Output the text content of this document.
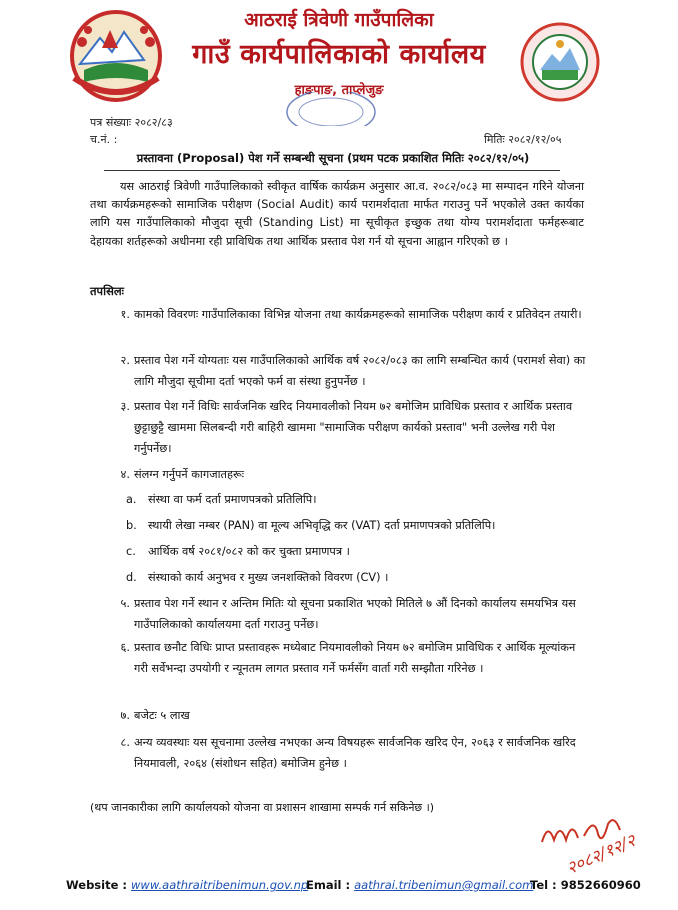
आठराई त्रिवेणी गाउँपालिका
गाउँ कार्यपालिकाको कार्यालय
हाङपाङ, ताप्लेजुङ
पत्र संख्याः २०८२/८३
च.नं. :	मितिः २०८२/१२/०५
प्रस्तावना (Proposal) पेश गर्ने सम्बन्धी सूचना (प्रथम पटक प्रकाशित मितिः २०८२/१२/०५)
यस आठराई त्रिवेणी गाउँपालिकाको स्वीकृत वार्षिक कार्यक्रम अनुसार आ.व. २०८२/०८३ मा सम्पादन गरिने योजना तथा कार्यक्रमहरूको सामाजिक परीक्षण (Social Audit) कार्य परामर्शदाता मार्फत गराउनु पर्ने भएकोले उक्त कार्यका लागि यस गाउँपालिकाको मौजुदा सूची (Standing List) मा सूचीकृत इच्छुक तथा योग्य परामर्शदाता फर्महरूबाट देहायका शर्तहरूको अधीनमा रही प्राविधिक तथा आर्थिक प्रस्ताव पेश गर्न यो सूचना आह्वान गरिएको छ ।
तपसिलः
१. कामको विवरणः गाउँपालिकाका विभिन्न योजना तथा कार्यक्रमहरूको सामाजिक परीक्षण कार्य र प्रतिवेदन तयारी।
२. प्रस्ताव पेश गर्ने योग्यताः यस गाउँपालिकाको आर्थिक वर्ष २०८२/०८३ का लागि सम्बन्धित कार्य (परामर्श सेवा) का लागि मौजुदा सूचीमा दर्ता भएको फर्म वा संस्था हुनुपर्नेछ ।
३. प्रस्ताव पेश गर्ने विधिः सार्वजनिक खरिद नियमावलीको नियम ७२ बमोजिम प्राविधिक प्रस्ताव र आर्थिक प्रस्ताव छुट्टाछुट्टै खाममा सिलबन्दी गरी बाहिरी खाममा "सामाजिक परीक्षण कार्यको प्रस्ताव" भनी उल्लेख गरी पेश गर्नुपर्नेछ।
४. संलग्न गर्नुपर्ने कागजातहरूः
a.	संस्था वा फर्म दर्ता प्रमाणपत्रको प्रतिलिपि।
b. स्थायी लेखा नम्बर (PAN) वा मूल्य अभिवृद्धि कर (VAT) दर्ता प्रमाणपत्रको प्रतिलिपि।
c.	आर्थिक वर्ष २०८१/०८२ को कर चुक्ता प्रमाणपत्र ।
d. संस्थाको कार्य अनुभव र मुख्य जनशक्तिको विवरण (CV) ।
५. प्रस्ताव पेश गर्ने स्थान र अन्तिम मितिः यो सूचना प्रकाशित भएको मितिले ७ औं दिनको कार्यालय समयभित्र यस गाउँपालिकाको कार्यालयमा दर्ता गराउनु पर्नेछ।
६. प्रस्ताव छनौट विधिः प्राप्त प्रस्तावहरू मध्येबाट नियमावलीको नियम ७२ बमोजिम प्राविधिक र आर्थिक मूल्यांकन गरी सर्वेभन्दा उपयोगी र न्यूनतम लागत प्रस्ताव गर्ने फर्मसँग वार्ता गरी सम्झौता गरिनेछ ।
७. बजेटः ५ लाख
८. अन्य व्यवस्थाः यस सूचनामा उल्लेख नभएका अन्य विषयहरू सार्वजनिक खरिद ऐन, २०६३ र सार्वजनिक खरिद नियमावली, २०६४ (संशोधन सहित) बमोजिम हुनेछ ।
(थप जानकारीका लागि कार्यालयको योजना वा प्रशासन शाखामा सम्पर्क गर्न सकिनेछ ।)
२०८२/१२/२
Website : www.aathraitribenimun.gov.np
Email : aathrai.tribenimun@gmail.com
Tel : 9852660960
